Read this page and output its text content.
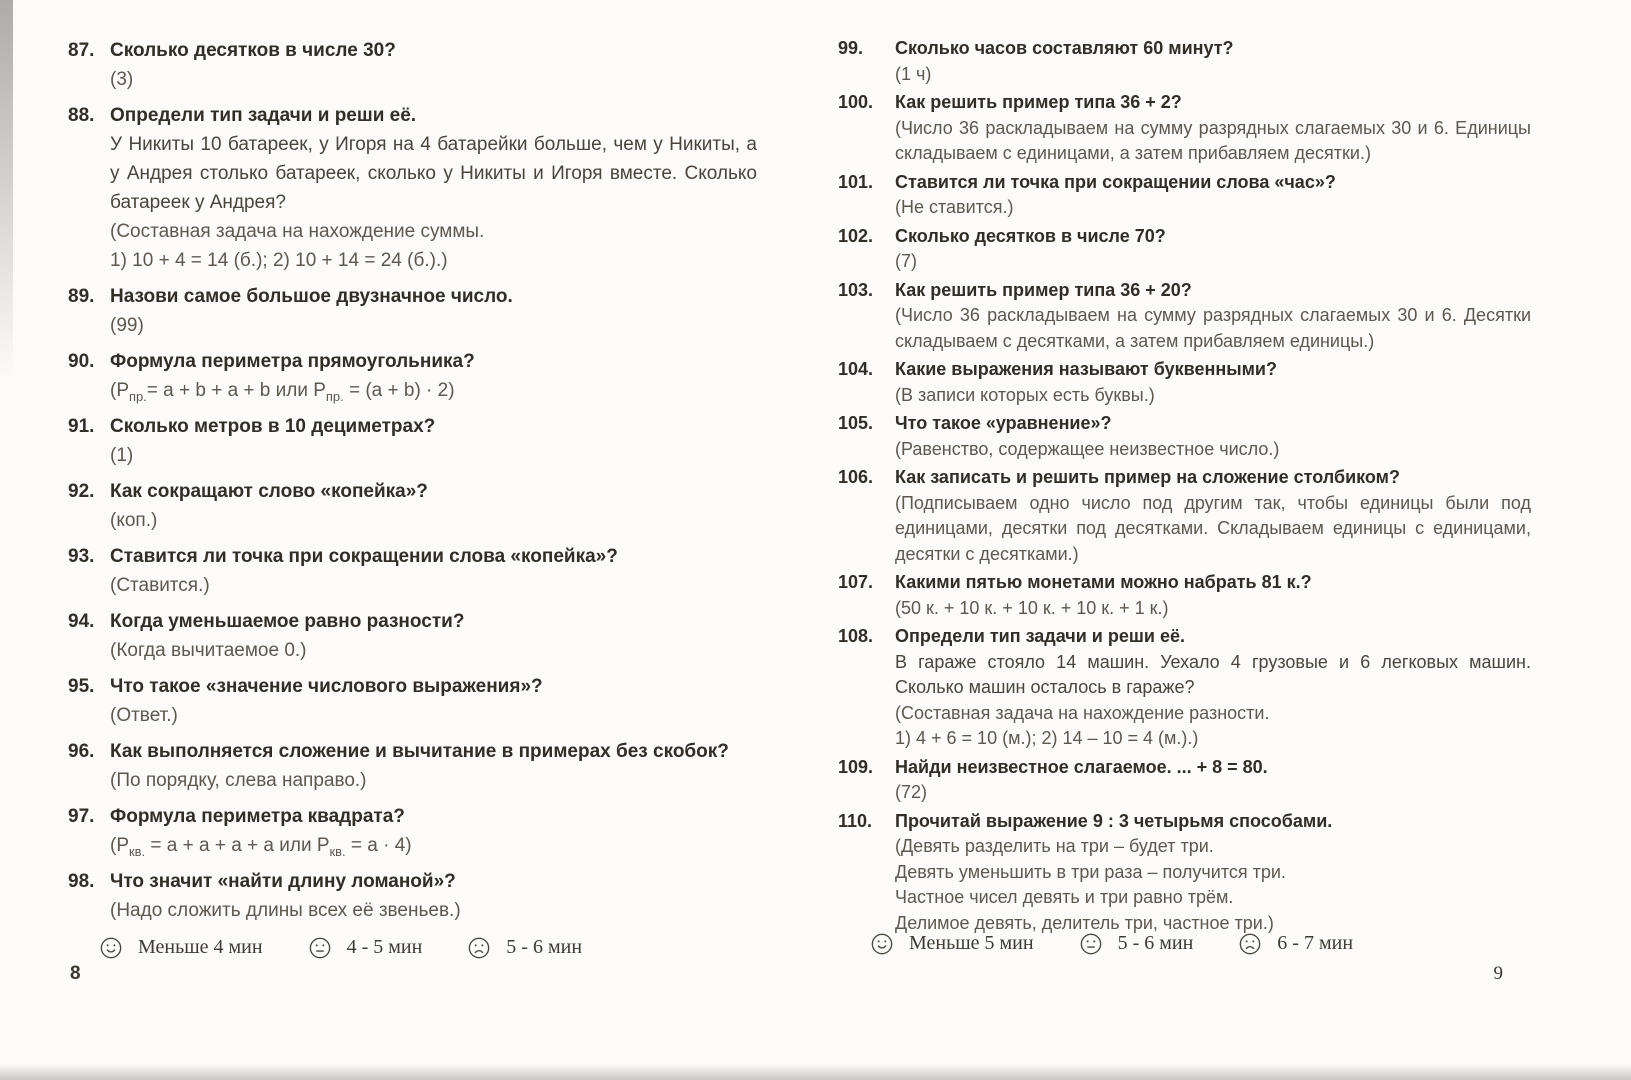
87. Сколько десятков в числе 30?
(3)
88. Определи тип задачи и реши её.
У Никиты 10 батареек, у Игоря на 4 батарейки больше, чем у Никиты, а у Андрея столько батареек, сколько у Никиты и Игоря вместе. Сколько батареек у Андрея?
(Составная задача на нахождение суммы.
1) 10 + 4 = 14 (б.); 2) 10 + 14 = 24 (б.).)
89. Назови самое большое двузначное число.
(99)
90. Формула периметра прямоугольника?
($P_{пр.}= a + b + a + b$ или $P_{пр.} = (a + b) \cdot 2$)
91. Сколько метров в 10 дециметрах?
(1)
92. Как сокращают слово «копейка»?
(коп.)
93. Ставится ли точка при сокращении слова «копейка»?
(Ставится.)
94. Когда уменьшаемое равно разности?
(Когда вычитаемое 0.)
95. Что такое «значение числового выражения»?
(Ответ.)
96. Как выполняется сложение и вычитание в примерах без скобок?
(По порядку, слева направо.)
97. Формула периметра квадрата?
($P_{кв.} = a + a + a + a$ или $P_{кв.} = a \cdot 4$)
98. Что значит «найти длину ломаной»?
(Надо сложить длины всех её звеньев.)
Меньше 4 мин	4 - 5 мин	5 - 6 мин
8
99.	Сколько часов составляют 60 минут?
(1 ч)
100.	Как решить пример типа 36 + 2?
(Число 36 раскладываем на сумму разрядных слагаемых 30 и 6. Единицы складываем с единицами, а затем прибавляем десятки.)
101.	Ставится ли точка при сокращении слова «час»?
(Не ставится.)
102.	Сколько десятков в числе 70?
(7)
103.	Как решить пример типа 36 + 20?
(Число 36 раскладываем на сумму разрядных слагаемых 30 и 6. Десятки складываем с десятками, а затем прибавляем единицы.)
104.	Какие выражения называют буквенными?
(В записи которых есть буквы.)
105.	Что такое «уравнение»?
(Равенство, содержащее неизвестное число.)
106.	Как записать и решить пример на сложение столбиком?
(Подписываем одно число под другим так, чтобы единицы были под единицами, десятки под десятками. Складываем единицы с единицами, десятки с десятками.)
107.	Какими пятью монетами можно набрать 81 к.?
(50 к. + 10 к. + 10 к. + 10 к. + 1 к.)
108.	Определи тип задачи и реши её.
В гараже стояло 14 машин. Уехало 4 грузовые и 6 легковых машин. Сколько машин осталось в гараже?
(Составная задача на нахождение разности.
1) 4 + 6 = 10 (м.); 2) 14 – 10 = 4 (м.).)
109.	Найди неизвестное слагаемое. ... + 8 = 80.
(72)
110.	Прочитай выражение 9 : 3 четырьмя способами.
(Девять разделить на три – будет три.
Девять уменьшить в три раза – получится три.
Частное чисел девять и три равно трём.
Делимое девять, делитель три, частное три.)
Меньше 5 мин	5 - 6 мин	6 - 7 мин
9
